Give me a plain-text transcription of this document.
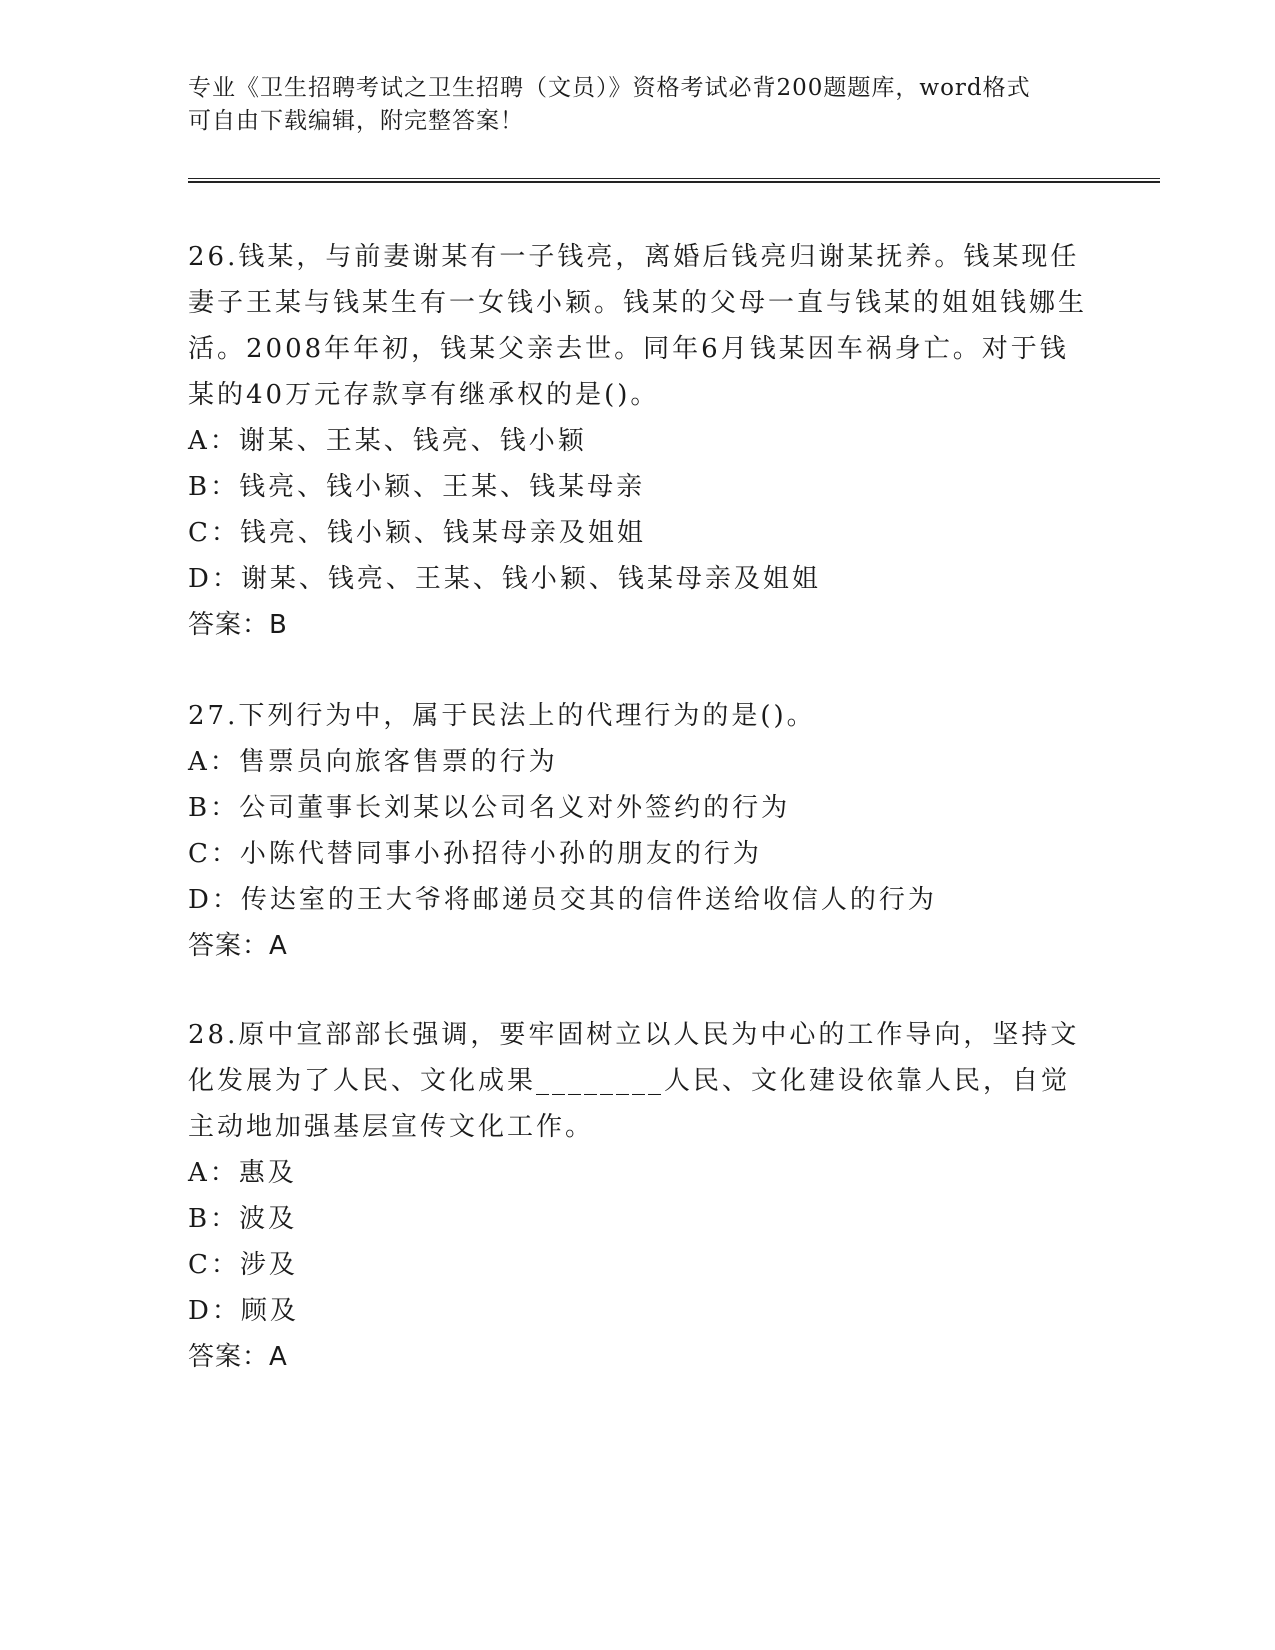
专业《卫生招聘考试之卫生招聘（文员）》资格考试必背200题题库，word格式
可自由下载编辑，附完整答案！
26.钱某，与前妻谢某有一子钱亮，离婚后钱亮归谢某抚养。钱某现任妻子王某与钱某生有一女钱小颖。钱某的父母一直与钱某的姐姐钱娜生活。2008年年初，钱某父亲去世。同年6月钱某因车祸身亡。对于钱某的40万元存款享有继承权的是()。
A：谢某、王某、钱亮、钱小颖
B：钱亮、钱小颖、王某、钱某母亲
C：钱亮、钱小颖、钱某母亲及姐姐
D：谢某、钱亮、王某、钱小颖、钱某母亲及姐姐
答案：B
27.下列行为中，属于民法上的代理行为的是()。
A：售票员向旅客售票的行为
B：公司董事长刘某以公司名义对外签约的行为
C：小陈代替同事小孙招待小孙的朋友的行为
D：传达室的王大爷将邮递员交其的信件送给收信人的行为
答案：A
28.原中宣部部长强调，要牢固树立以人民为中心的工作导向，坚持文化发展为了人民、文化成果________人民、文化建设依靠人民，自觉主动地加强基层宣传文化工作。
A：惠及
B：波及
C：涉及
D：顾及
答案：A
